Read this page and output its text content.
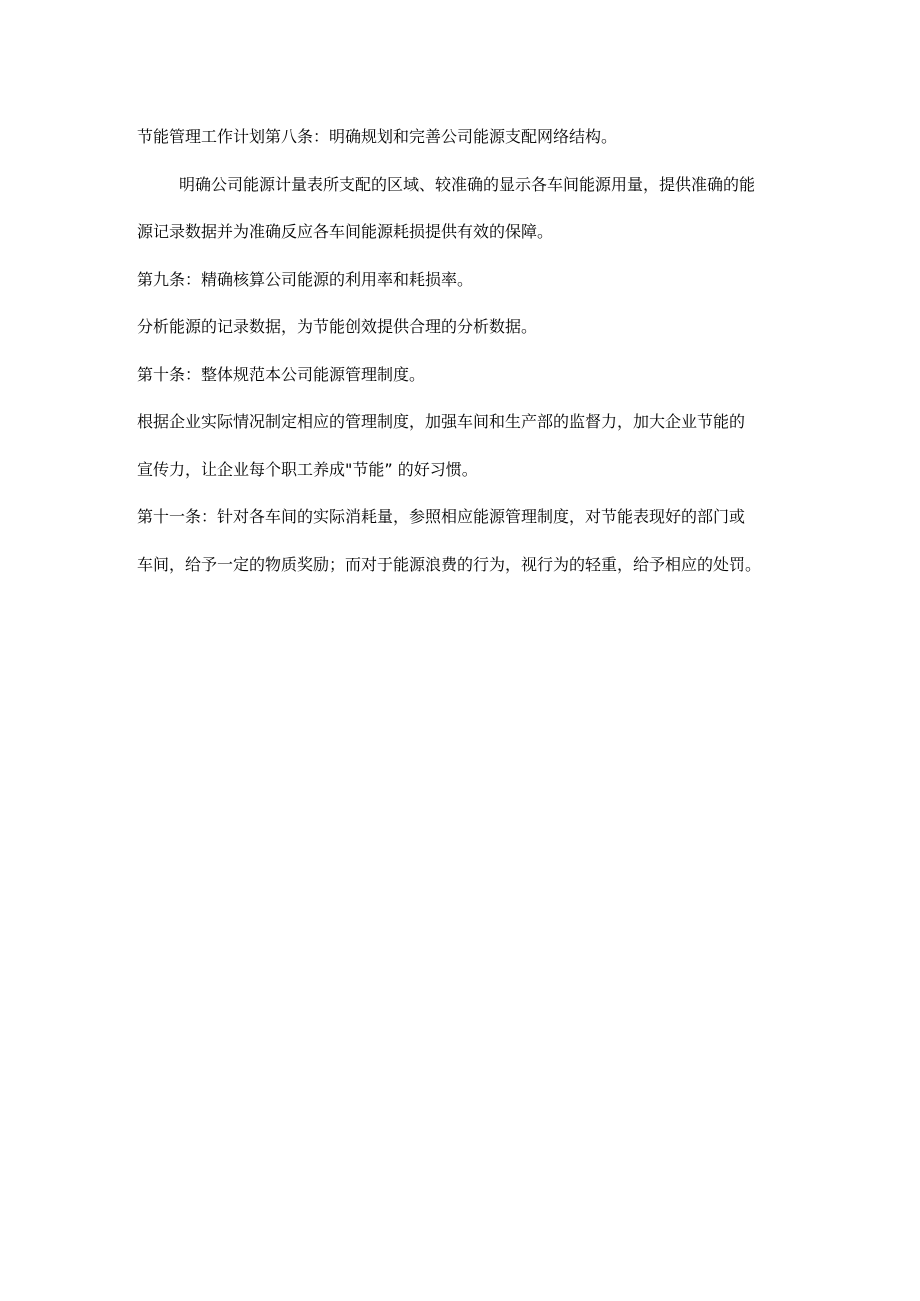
节能管理工作计划第八条：明确规划和完善公司能源支配网络结构。
明确公司能源计量表所支配的区域、较准确的显示各车间能源用量，提供准确的能
源记录数据并为准确反应各车间能源耗损提供有效的保障。
第九条：精确核算公司能源的利用率和耗损率。
分析能源的记录数据，为节能创效提供合理的分析数据。
第十条：整体规范本公司能源管理制度。
根据企业实际情况制定相应的管理制度，加强车间和生产部的监督力，加大企业节能的
宣传力，让企业每个职工养成"节能” 的好习惯。
第十一条：针对各车间的实际消耗量，参照相应能源管理制度，对节能表现好的部门或
车间，给予一定的物质奖励；而对于能源浪费的行为，视行为的轻重，给予相应的处罚。
